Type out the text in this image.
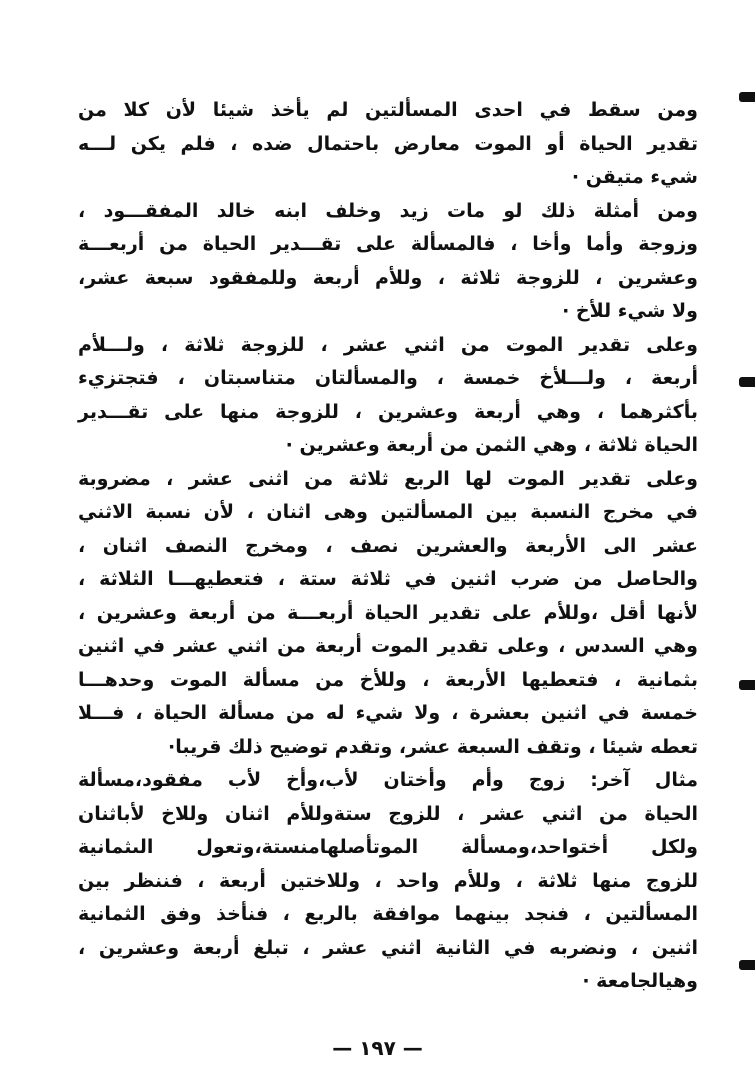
ومن سقط في احدى المسألتين لم يأخذ شيئا لأن كلا من
تقدير الحياة أو الموت معارض باحتمال ضده ، فلم يكن لـــه
شيء متيقن ·
ومن أمثلة ذلك لو مات زيد وخلف ابنه خالد المفقـــود ،
وزوجة وأما وأخا ، فالمسألة على تقـــدير الحياة من أربعـــة
وعشرين ، للزوجة ثلاثة ، وللأم أربعة وللمفقود سبعة عشر،
ولا شيء للأخ ·
وعلى تقدير الموت من اثني عشر ، للزوجة ثلاثة ، ولـــلأم
أربعة ، ولـــلأخ خمسة ، والمسألتان متناسبتان ، فتجتزيء
بأكثرهما ، وهي أربعة وعشرين ، للزوجة منها على تقـــدير
الحياة ثلاثة ، وهي الثمن من أربعة وعشرين ·
وعلى تقدير الموت لها الربع ثلاثة من اثنى عشر ، مضروبة
في مخرج النسبة بين المسألتين وهى اثنان ، لأن نسبة الاثني
عشر الى الأربعة والعشرين نصف ، ومخرج النصف اثنان ،
والحاصل من ضرب اثنين في ثلاثة ستة ، فتعطيهـــا الثلاثة ،
لأنها أقل ،وللأم على تقدير الحياة أربعـــة من أربعة وعشرين ،
وهي السدس ، وعلى تقدير الموت أربعة من اثني عشر في اثنين
بثمانية ، فتعطيها الأربعة ، وللأخ من مسألة الموت وحدهـــا
خمسة في اثنين بعشرة ، ولا شيء له من مسألة الحياة ، فـــلا
تعطه شيئا ، وتقف السبعة عشر، وتقدم توضيح ذلك قريبا·
مثال آخر: زوج وأم وأختان لأب،وأخ لأب مفقود،مسألة
الحياة من اثني عشر ، للزوج ستةوللأم اثنان وللاخ لأباثنان
ولكل أختواحد،ومسألة الموتأصلهامنستة،وتعول الىثمانية
للزوج منها ثلاثة ، وللأم واحد ، وللاختين أربعة ، فننظر بين
المسألتين ، فنجد بينهما موافقة بالربع ، فنأخذ وفق الثمانية
اثنين ، ونضربه في الثانية اثني عشر ، تبلغ أربعة وعشرين ،
وهيالجامعة ·
— ١٩٧ —
